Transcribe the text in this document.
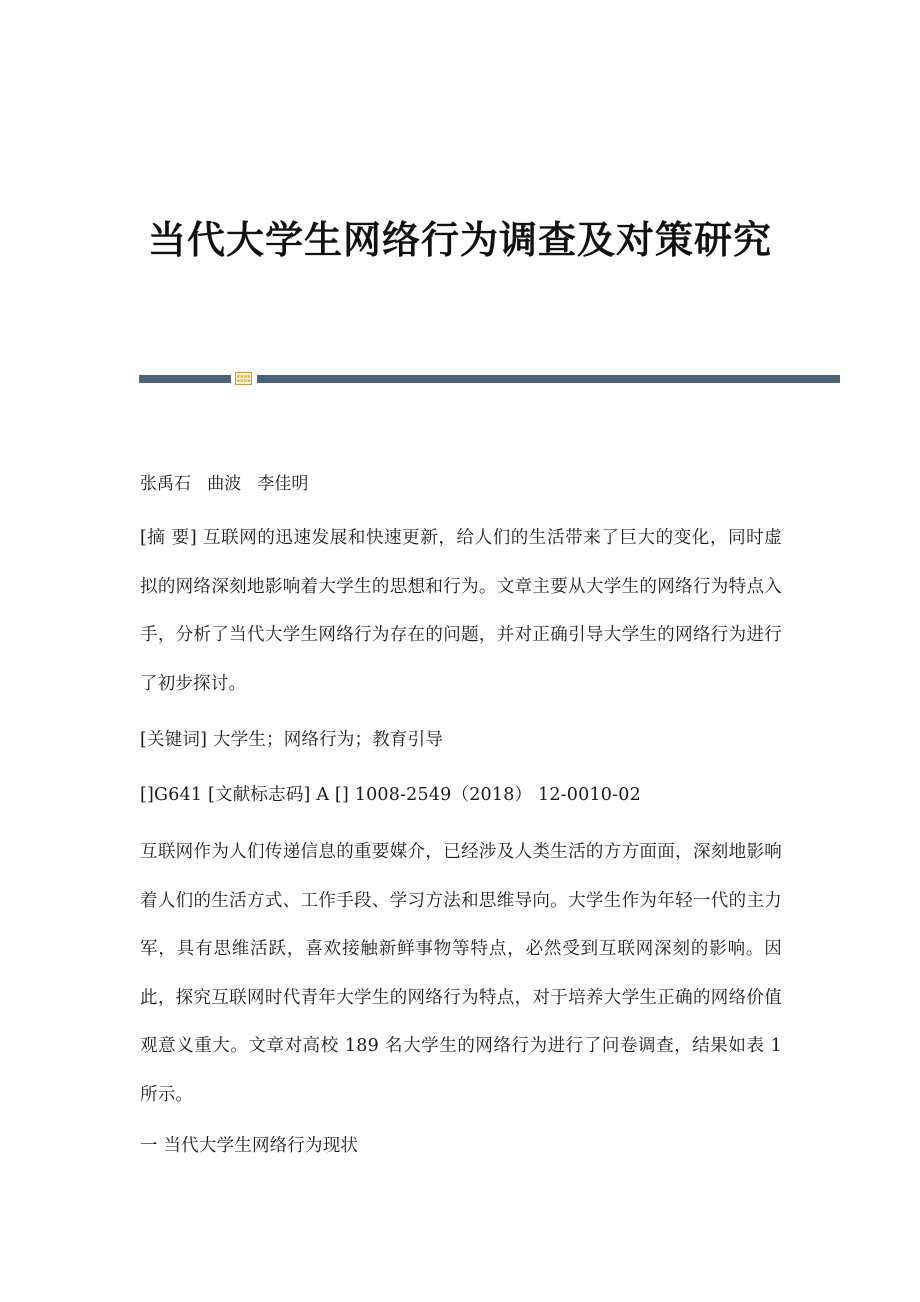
当代大学生网络行为调查及对策研究
张禹石   曲波   李佳明

[摘 要] 互联网的迅速发展和快速更新，给人们的生活带来了巨大的变化，同时虚拟的网络深刻地影响着大学生的思想和行为。文章主要从大学生的网络行为特点入手，分析了当代大学生网络行为存在的问题，并对正确引导大学生的网络行为进行了初步探讨。

[关键词] 大学生；网络行为；教育引导

[]G641 [文献标志码] A [] 1008-2549（2018） 12-0010-02

互联网作为人们传递信息的重要媒介，已经涉及人类生活的方方面面，深刻地影响着人们的生活方式、工作手段、学习方法和思维导向。大学生作为年轻一代的主力军，具有思维活跃，喜欢接触新鲜事物等特点，必然受到互联网深刻的影响。因此，探究互联网时代青年大学生的网络行为特点，对于培养大学生正确的网络价值观意义重大。文章对高校 189 名大学生的网络行为进行了问卷调查，结果如表 1 所示。

一 当代大学生网络行为现状
